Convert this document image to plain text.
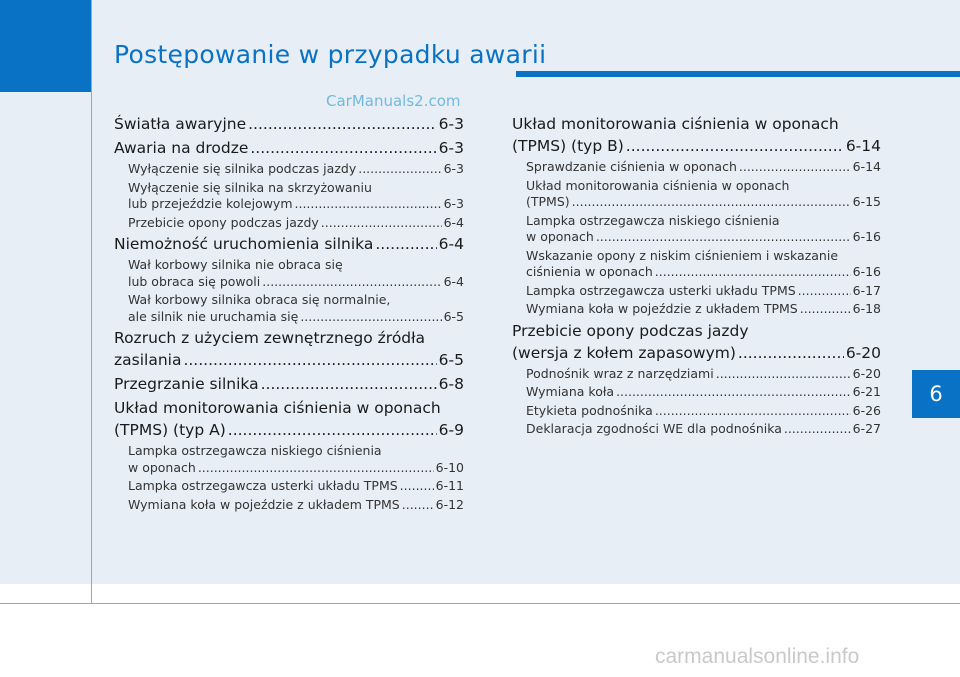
Postępowanie w przypadku awarii
CarManuals2.com
Światła awaryjne .....	6-3
Awaria na drodze .....	6-3
Wyłączenie się silnika podczas jazdy .....	6-3
Wyłączenie się silnika na skrzyżowaniu
lub przejeździe kolejowym .....	6-3
Przebicie opony podczas jazdy .....	6-4
Niemożność uruchomienia silnika .....	6-4
Wał korbowy silnika nie obraca się
lub obraca się powoli .....	6-4
Wał korbowy silnika obraca się normalnie,
ale silnik nie uruchamia się .....	6-5
Rozruch z użyciem zewnętrznego źródła
zasilania .....	6-5
Przegrzanie silnika .....	6-8
Układ monitorowania ciśnienia w oponach
(TPMS) (typ A) .....	6-9
Lampka ostrzegawcza niskiego ciśnienia
w oponach .....	6-10
Lampka ostrzegawcza usterki układu TPMS .....	6-11
Wymiana koła w pojeździe z układem TPMS .....	6-12
Układ monitorowania ciśnienia w oponach
(TPMS) (typ B) .....	6-14
Sprawdzanie ciśnienia w oponach .....	6-14
Układ monitorowania ciśnienia w oponach
(TPMS) .....	6-15
Lampka ostrzegawcza niskiego ciśnienia
w oponach .....	6-16
Wskazanie opony z niskim ciśnieniem i wskazanie
ciśnienia w oponach .....	6-16
Lampka ostrzegawcza usterki układu TPMS .....	6-17
Wymiana koła w pojeździe z układem TPMS .....	6-18
Przebicie opony podczas jazdy
(wersja z kołem zapasowym) .....	6-20
Podnośnik wraz z narzędziami .....	6-20
Wymiana koła .....	6-21
Etykieta podnośnika .....	6-26
Deklaracja zgodności WE dla podnośnika .....	6-27
6
carmanualsonline.info
